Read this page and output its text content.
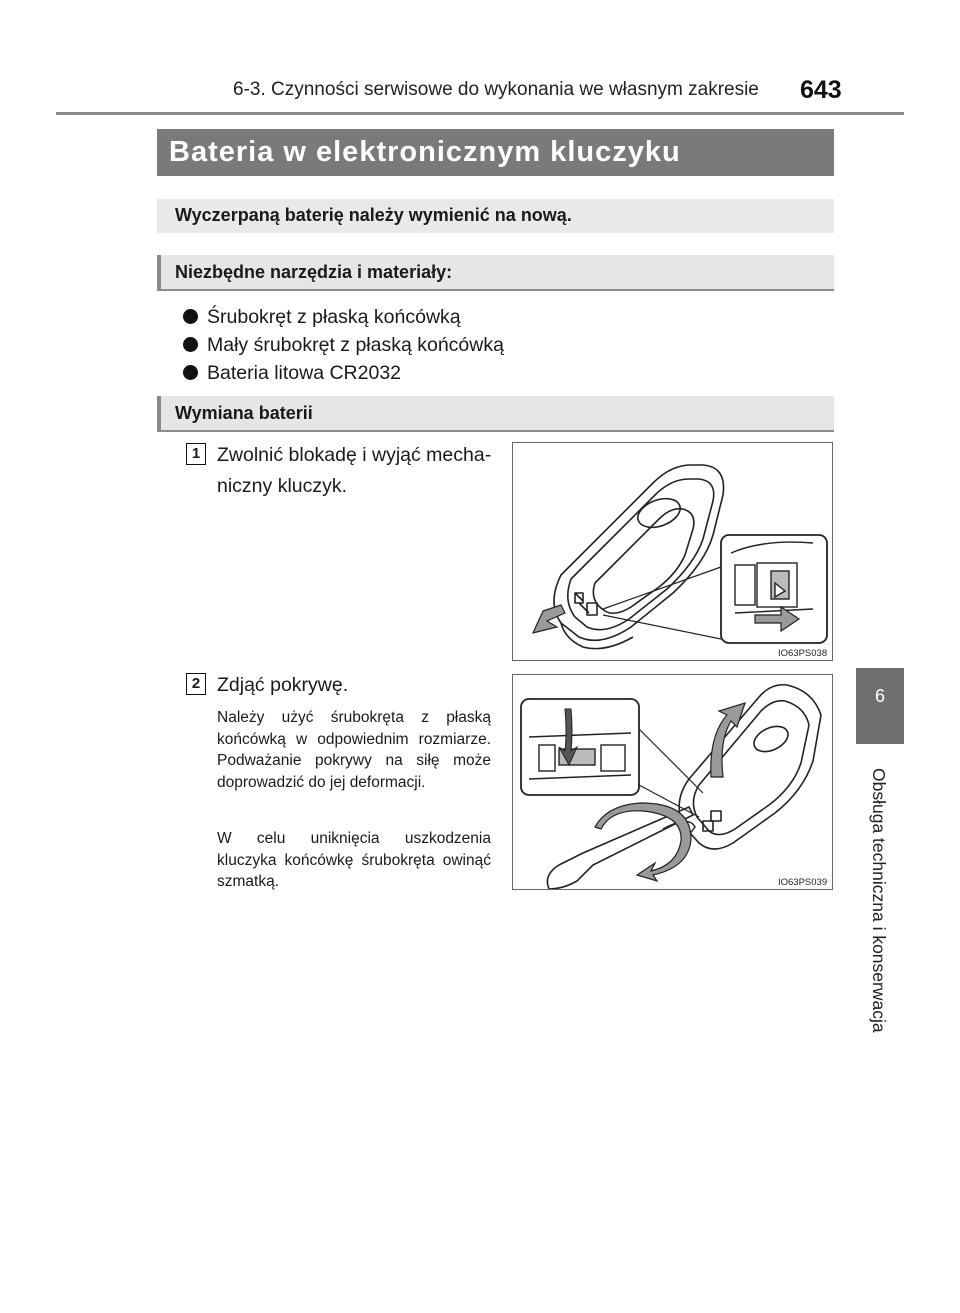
6-3. Czynności serwisowe do wykonania we własnym zakresie 643
6
Obsługa techniczna i konserwacja
Bateria w elektronicznym kluczyku
Wyczerpaną baterię należy wymienić na nową.
Niezbędne narzędzia i materiały:
Śrubokręt z płaską końcówką
Mały śrubokręt z płaską końcówką
Bateria litowa CR2032
Wymiana baterii
1 Zwolnić blokadę i wyjąć mecha-
niczny kluczyk.
IO63PS038
2 Zdjąć pokrywę.
Należy użyć śrubokręta z płaską końcówką w odpowiednim rozmiarze. Podważanie pokrywy na siłę może doprowadzić do jej deformacji.
W celu uniknięcia uszkodzenia kluczyka końcówkę śrubokręta owinąć szmatką.	IO63PS039
